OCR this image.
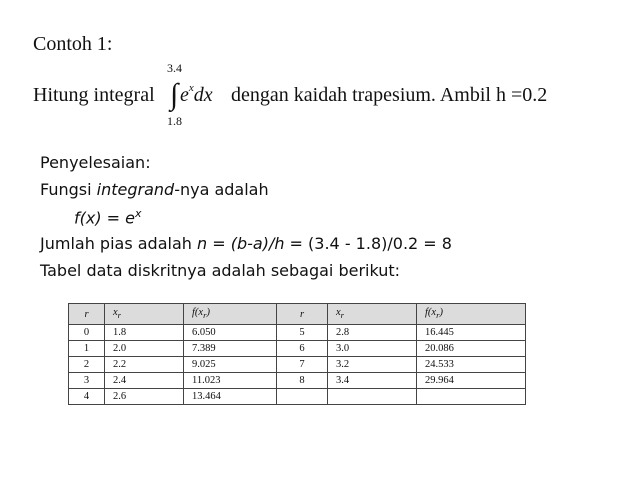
Contoh 1:
Hitung integral
3.4
∫
1.8
$e^xdx$ dengan kaidah trapesium. Ambil h =0.2
Penyelesaian:
Fungsi integrand-nya adalah
$f(x) = e^x$
Jumlah pias adalah n = (b-a)/h = (3.4 - 1.8)/0.2 = 8
Tabel data diskritnya adalah sebagai berikut:
r	$x_r$	$f(x_r)$	r	$x_r$	$f(x_r)$
0	1.8	6.050	5	2.8	16.445
1	2.0	7.389	6	3.0	20.086
2	2.2	9.025	7	3.2	24.533
3	2.4	11.023	8	3.4	29.964
4	2.6	13.464			
